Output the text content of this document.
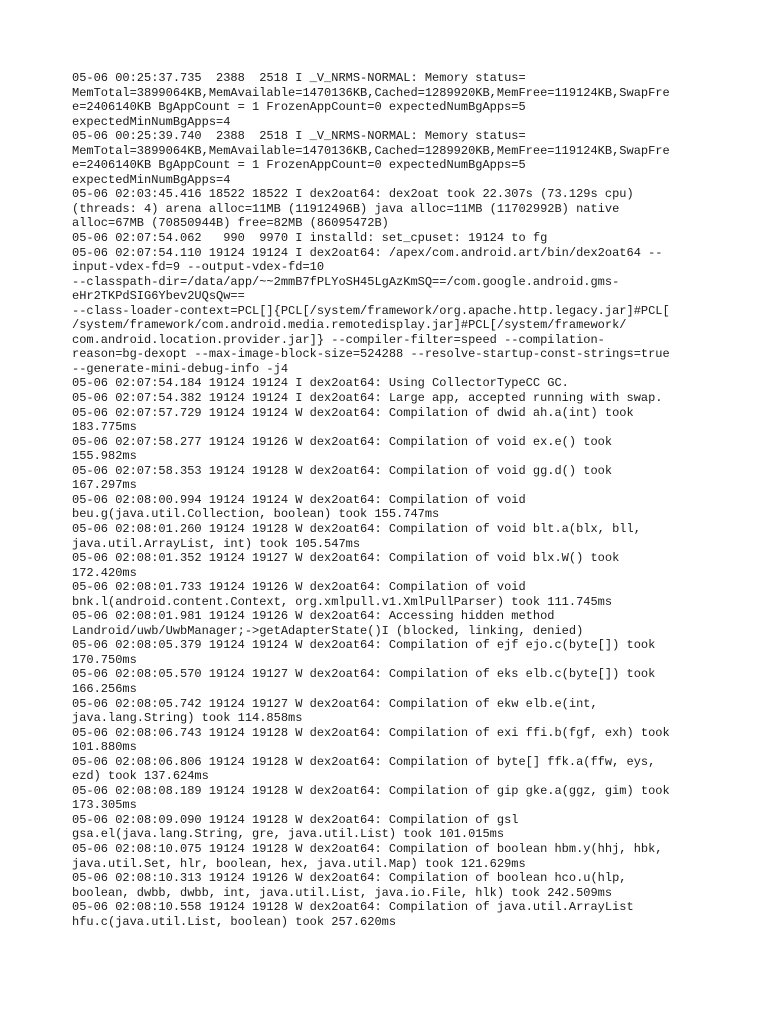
05-06 00:25:37.735  2388  2518 I _V_NRMS-NORMAL: Memory status=
MemTotal=3899064KB,MemAvailable=1470136KB,Cached=1289920KB,MemFree=119124KB,SwapFre
e=2406140KB BgAppCount = 1 FrozenAppCount=0 expectedNumBgApps=5
expectedMinNumBgApps=4
05-06 00:25:39.740  2388  2518 I _V_NRMS-NORMAL: Memory status=
MemTotal=3899064KB,MemAvailable=1470136KB,Cached=1289920KB,MemFree=119124KB,SwapFre
e=2406140KB BgAppCount = 1 FrozenAppCount=0 expectedNumBgApps=5
expectedMinNumBgApps=4
05-06 02:03:45.416 18522 18522 I dex2oat64: dex2oat took 22.307s (73.129s cpu)
(threads: 4) arena alloc=11MB (11912496B) java alloc=11MB (11702992B) native
alloc=67MB (70850944B) free=82MB (86095472B)
05-06 02:07:54.062   990  9970 I installd: set_cpuset: 19124 to fg
05-06 02:07:54.110 19124 19124 I dex2oat64: /apex/com.android.art/bin/dex2oat64 --
input-vdex-fd=9 --output-vdex-fd=10
--classpath-dir=/data/app/~~2mmB7fPLYoSH45LgAzKmSQ==/com.google.android.gms-
eHr2TKPdSIG6Ybev2UQsQw==
--class-loader-context=PCL[]{PCL[/system/framework/org.apache.http.legacy.jar]#PCL[
/system/framework/com.android.media.remotedisplay.jar]#PCL[/system/framework/
com.android.location.provider.jar]} --compiler-filter=speed --compilation-
reason=bg-dexopt --max-image-block-size=524288 --resolve-startup-const-strings=true
--generate-mini-debug-info -j4
05-06 02:07:54.184 19124 19124 I dex2oat64: Using CollectorTypeCC GC.
05-06 02:07:54.382 19124 19124 I dex2oat64: Large app, accepted running with swap.
05-06 02:07:57.729 19124 19124 W dex2oat64: Compilation of dwid ah.a(int) took
183.775ms
05-06 02:07:58.277 19124 19126 W dex2oat64: Compilation of void ex.e() took
155.982ms
05-06 02:07:58.353 19124 19128 W dex2oat64: Compilation of void gg.d() took
167.297ms
05-06 02:08:00.994 19124 19124 W dex2oat64: Compilation of void
beu.g(java.util.Collection, boolean) took 155.747ms
05-06 02:08:01.260 19124 19128 W dex2oat64: Compilation of void blt.a(blx, bll,
java.util.ArrayList, int) took 105.547ms
05-06 02:08:01.352 19124 19127 W dex2oat64: Compilation of void blx.W() took
172.420ms
05-06 02:08:01.733 19124 19126 W dex2oat64: Compilation of void
bnk.l(android.content.Context, org.xmlpull.v1.XmlPullParser) took 111.745ms
05-06 02:08:01.981 19124 19126 W dex2oat64: Accessing hidden method
Landroid/uwb/UwbManager;->getAdapterState()I (blocked, linking, denied)
05-06 02:08:05.379 19124 19124 W dex2oat64: Compilation of ejf ejo.c(byte[]) took
170.750ms
05-06 02:08:05.570 19124 19127 W dex2oat64: Compilation of eks elb.c(byte[]) took
166.256ms
05-06 02:08:05.742 19124 19127 W dex2oat64: Compilation of ekw elb.e(int,
java.lang.String) took 114.858ms
05-06 02:08:06.743 19124 19128 W dex2oat64: Compilation of exi ffi.b(fgf, exh) took
101.880ms
05-06 02:08:06.806 19124 19128 W dex2oat64: Compilation of byte[] ffk.a(ffw, eys,
ezd) took 137.624ms
05-06 02:08:08.189 19124 19128 W dex2oat64: Compilation of gip gke.a(ggz, gim) took
173.305ms
05-06 02:08:09.090 19124 19128 W dex2oat64: Compilation of gsl
gsa.el(java.lang.String, gre, java.util.List) took 101.015ms
05-06 02:08:10.075 19124 19128 W dex2oat64: Compilation of boolean hbm.y(hhj, hbk,
java.util.Set, hlr, boolean, hex, java.util.Map) took 121.629ms
05-06 02:08:10.313 19124 19126 W dex2oat64: Compilation of boolean hco.u(hlp,
boolean, dwbb, dwbb, int, java.util.List, java.io.File, hlk) took 242.509ms
05-06 02:08:10.558 19124 19128 W dex2oat64: Compilation of java.util.ArrayList
hfu.c(java.util.List, boolean) took 257.620ms
